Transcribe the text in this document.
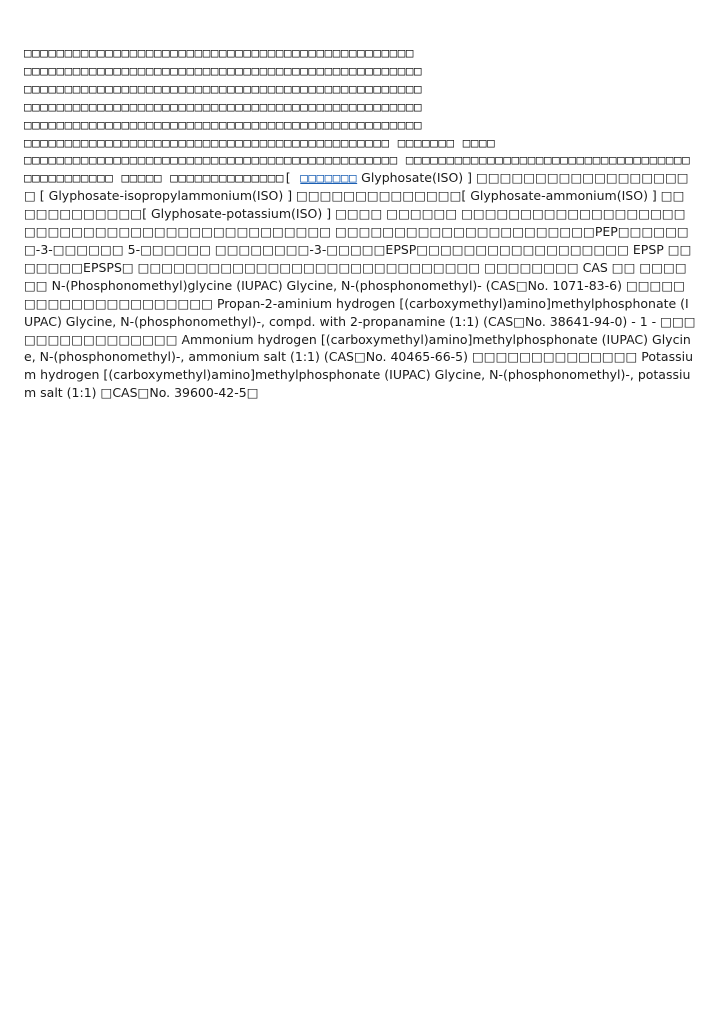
□□□□□□□□□□□□□□□□□□□□□□□□□□□□□□□□□□□□□□□□□□□□□□□□

□□□□□□□□□□□□□□□□□□□□□□□□□□□□□□□□□□□□□□□□□□□□□□□□□

□□□□□□□□□□□□□□□□□□□□□□□□□□□□□□□□□□□□□□□□□□□□□□□□□

□□□□□□□□□□□□□□□□□□□□□□□□□□□□□□□□□□□□□□□□□□□□□□□□□

□□□□□□□□□□□□□□□□□□□□□□□□□□□□□□□□□□□□□□□□□□□□□□□□□

□□□□□□□□□□□□□□□□□□□□□□□□□□□□□□□□□□□□□□□□□□□□□ □□□□□□□ □□□□

□□□□□□□□□□□□□□□□□□□□□□□□□□□□□□□□□□□□□□□□□□□□□□ □□□□□□□□□□□□□□□□□□□□□□□□□□□□□□□□□□□□□□□□□□□□□□ □□□□□ □□□□□□□□□□□□□□[ □□□□□□□ Glyphosate(ISO) ] □□□□□□□□□□□□□□□□□□□ [ Glyphosate-isopropylammonium(ISO) ] □□□□□□□□□□□□□□[ Glyphosate-ammonium(ISO) ] □□□□□□□□□□□□[ Glyphosate-potassium(ISO) ] □□□□ □□□□□□ □□□□□□□□□□□□□□□□□□□□□□□□□□□□□□□□□□□□□□□□□□□□□ □□□□□□□□□□□□□□□□□□□□□□PEP□□□□□□□-3-□□□□□□ 5-□□□□□□ □□□□□□□□-3-□□□□□EPSP□□□□□□□□□□□□□□□□□□ EPSP □□□□□□□EPSPS□ □□□□□□□□□□□□□□□□□□□□□□□□□□□□□ □□□□□□□□ CAS □□ □□□□□□ N-(Phosphonomethyl)glycine (IUPAC) Glycine, N-(phosphonomethyl)- (CAS□No. 1071-83-6) □□□□□□□□□□□□□□□□□□□□□ Propan-2-aminium hydrogen [(carboxymethyl)amino]methylphosphonate (IUPAC) Glycine, N-(phosphonomethyl)-, compd. with 2-propanamine (1:1) (CAS□No. 38641-94-0) - 1 - □□□□□□□□□□□□□□□□ Ammonium hydrogen [(carboxymethyl)amino]methylphosphonate (IUPAC) Glycine, N-(phosphonomethyl)-, ammonium salt (1:1) (CAS□No. 40465-66-5) □□□□□□□□□□□□□□ Potassium hydrogen [(carboxymethyl)amino]methylphosphonate (IUPAC) Glycine, N-(phosphonomethyl)-, potassium salt (1:1) □CAS□No. 39600-42-5□
